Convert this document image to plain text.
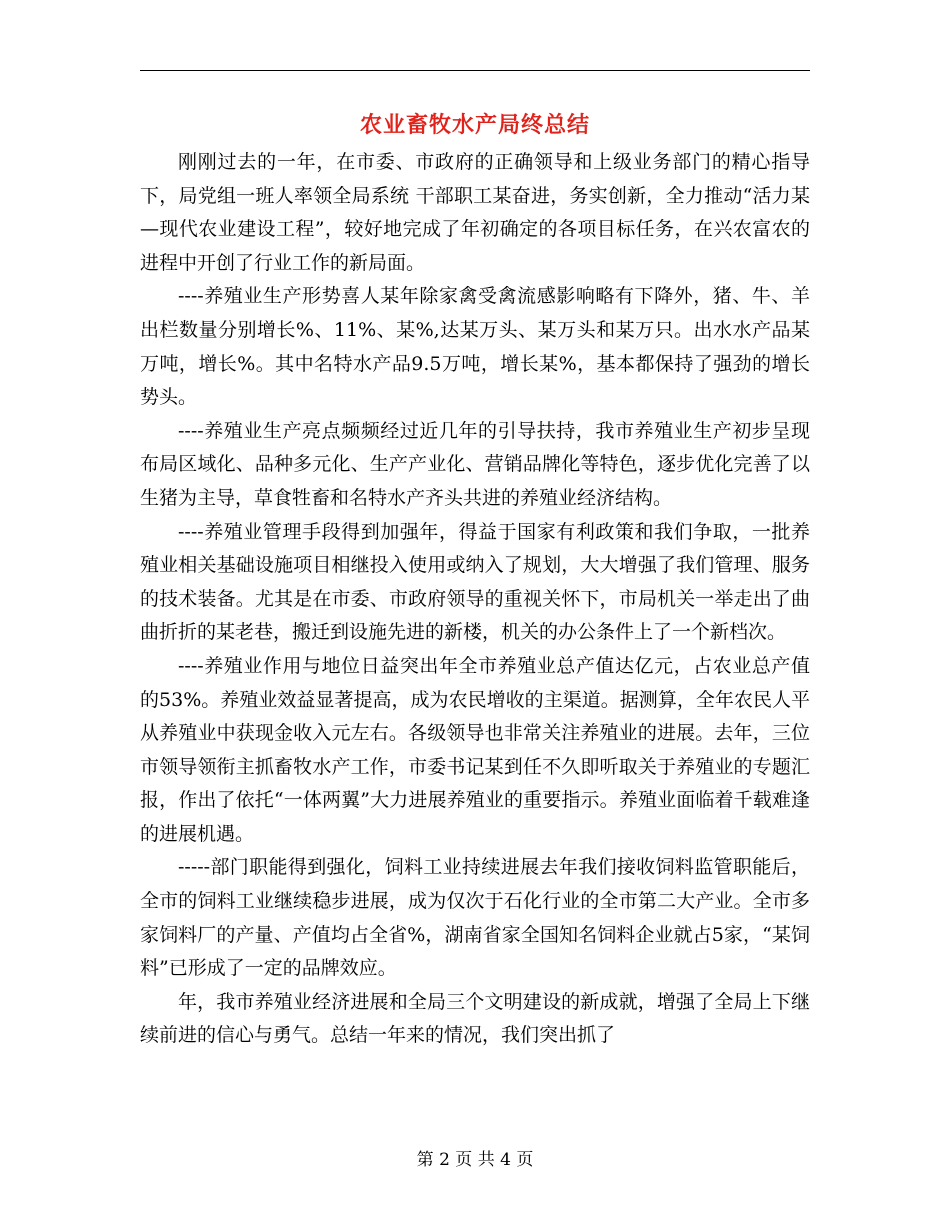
农业畜牧水产局终总结

刚刚过去的一年，在市委、市政府的正确领导和上级业务部门的精心指导下，局党组一班人率领全局系统 干部职工某奋进，务实创新，全力推动“活力某—现代农业建设工程”，较好地完成了年初确定的各项目标任务，在兴农富农的进程中开创了行业工作的新局面。

----养殖业生产形势喜人某年除家禽受禽流感影响略有下降外，猪、牛、羊出栏数量分别增长%、11%、某%,达某万头、某万头和某万只。出水水产品某万吨，增长%。其中名特水产品9.5万吨，增长某%，基本都保持了强劲的增长势头。

----养殖业生产亮点频频经过近几年的引导扶持，我市养殖业生产初步呈现布局区域化、品种多元化、生产产业化、营销品牌化等特色，逐步优化完善了以生猪为主导，草食牲畜和名特水产齐头共进的养殖业经济结构。

----养殖业管理手段得到加强年，得益于国家有利政策和我们争取，一批养殖业相关基础设施项目相继投入使用或纳入了规划，大大增强了我们管理、服务的技术装备。尤其是在市委、市政府领导的重视关怀下，市局机关一举走出了曲曲折折的某老巷，搬迁到设施先进的新楼，机关的办公条件上了一个新档次。

----养殖业作用与地位日益突出年全市养殖业总产值达亿元，占农业总产值的53%。养殖业效益显著提高，成为农民增收的主渠道。据测算，全年农民人平从养殖业中获现金收入元左右。各级领导也非常关注养殖业的进展。去年，三位市领导领衔主抓畜牧水产工作，市委书记某到任不久即听取关于养殖业的专题汇报，作出了依托“一体两翼”大力进展养殖业的重要指示。养殖业面临着千载难逢的进展机遇。

-----部门职能得到强化，饲料工业持续进展去年我们接收饲料监管职能后，全市的饲料工业继续稳步进展，成为仅次于石化行业的全市第二大产业。全市多家饲料厂的产量、产值均占全省%，湖南省家全国知名饲料企业就占5家，“某饲料”已形成了一定的品牌效应。

年，我市养殖业经济进展和全局三个文明建设的新成就，增强了全局上下继续前进的信心与勇气。总结一年来的情况，我们突出抓了

第 2 页 共 4 页
